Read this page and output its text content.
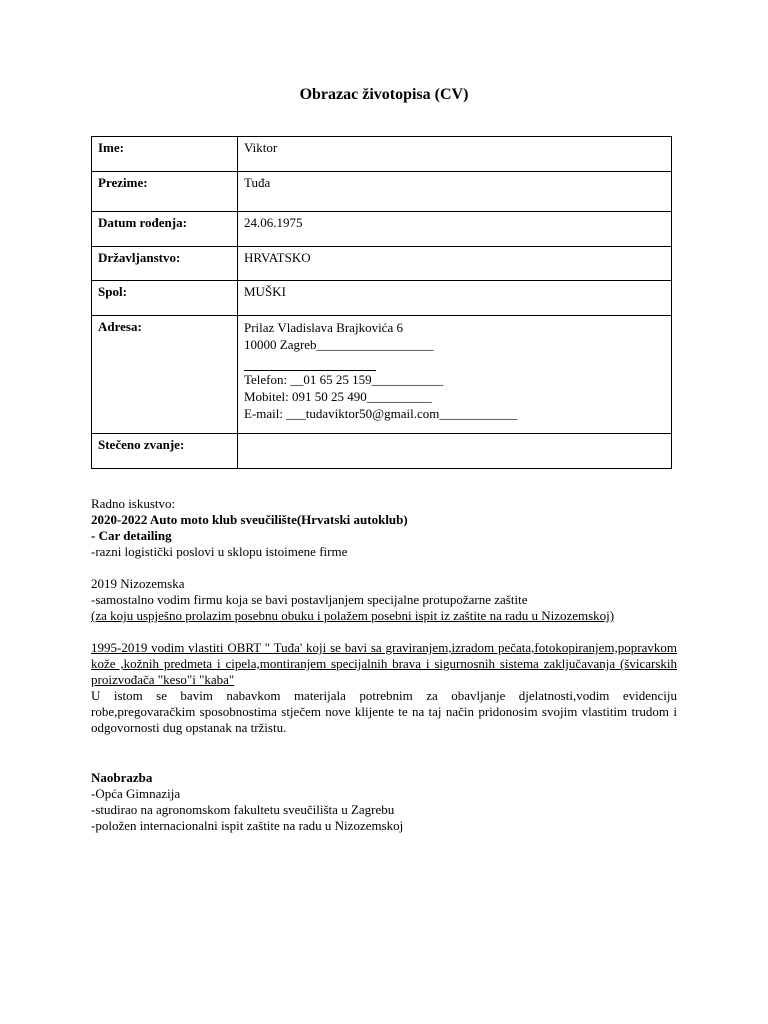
Obrazac životopisa (CV)
Ime:	Viktor
Prezime:	Tuđa
Datum rođenja:	24.06.1975
Državljanstvo:	HRVATSKO
Spol:	MUŠKI
Adresa:	Prilaz Vladislava Brajkovića 6
10000 Zagreb__________________
Telefon: __01 65 25 159___________
Mobitel: 091 50 25 490__________
E-mail: ___tudaviktor50@gmail.com____________

Stečeno zvanje:	

Radno iskustvo:

2020-2022 Auto moto klub sveučilište(Hrvatski autoklub)

- Car detailing

-razni logistički poslovi u sklopu istoimene firme

2019 Nizozemska

-samostalno vodim firmu koja se bavi postavljanjem specijalne protupožarne zaštite

(za koju uspješno prolazim posebnu obuku i polažem posebni ispit iz zaštite na radu u Nizozemskoj)

1995-2019 vodim vlastiti OBRT " Tuđa' koji se bavi sa graviranjem,izradom pečata,fotokopiranjem,popravkom kože ,kožnih predmeta i cipela,montiranjem specijalnih brava i sigurnosnih sistema zaključavanja (švicarskih proizvođača "keso"i "kaba"

U istom se bavim nabavkom materijala potrebnim za obavljanje djelatnosti,vodim evidenciju robe,pregovaračkim sposobnostima stječem nove klijente te na taj način pridonosim svojim vlastitim trudom i odgovornosti dug opstanak na tržistu.

Naobrazba

-Opća Gimnazija

-studirao na agronomskom fakultetu sveučilišta u Zagrebu

-položen internacionalni ispit zaštite na radu u Nizozemskoj
